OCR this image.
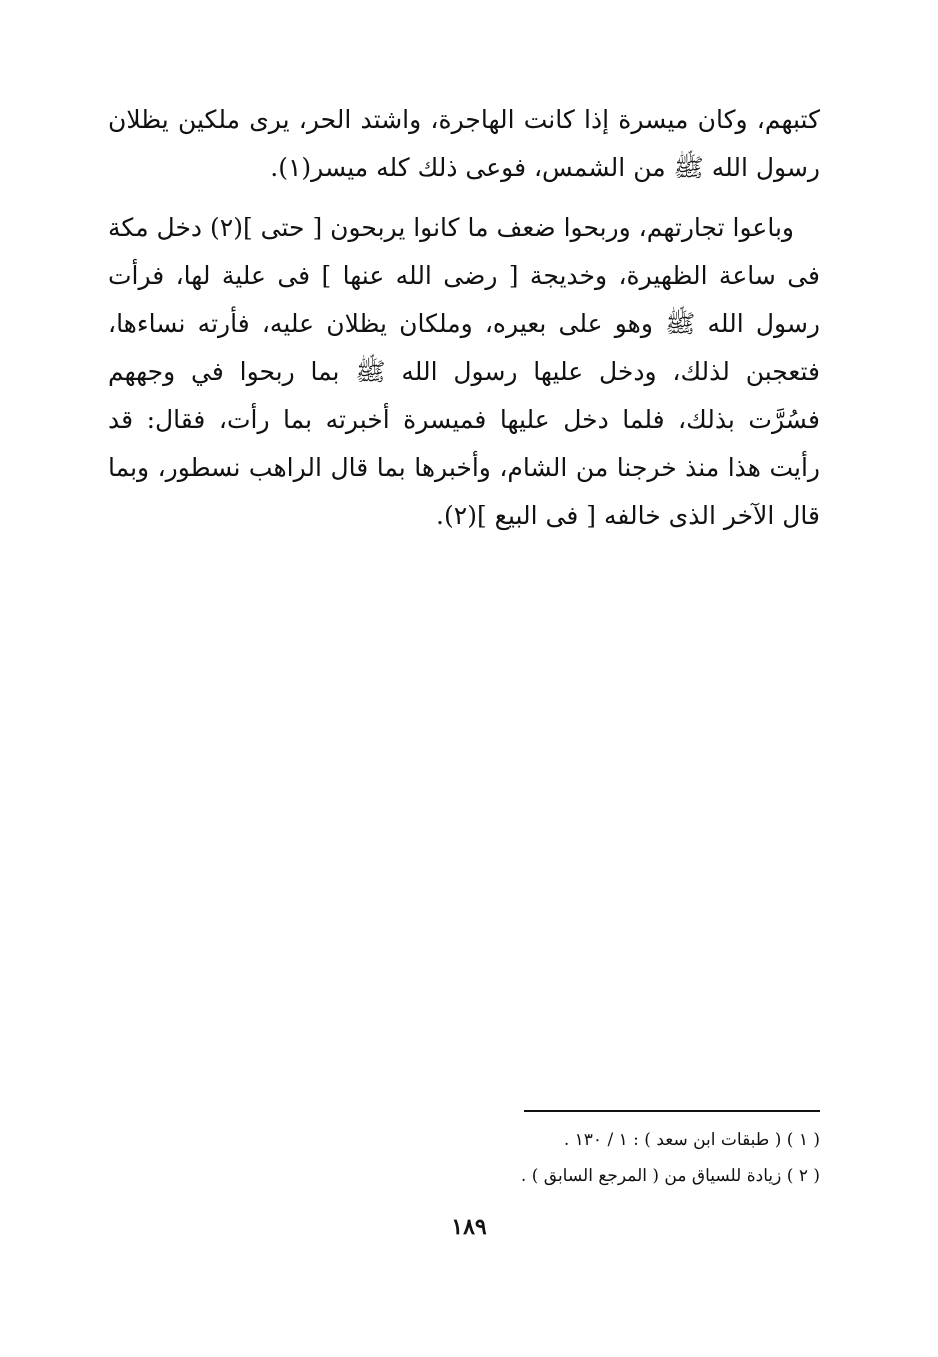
كتبهم، وكان ميسرة إذا كانت الهاجرة، واشتد الحر، يرى ملكين يظلان رسول الله ﷺ من الشمس، فوعى ذلك كله ميسر(١).

وباعوا تجارتهم، وربحوا ضعف ما كانوا يربحون [ حتى ](٢) دخل مكة فى ساعة الظهيرة، وخديجة [ رضى الله عنها ] فى علية لها، فرأت رسول الله ﷺ وهو على بعيره، وملكان يظلان عليه، فأرته نساءها، فتعجبن لذلك، ودخل عليها رسول الله ﷺ بما ربحوا في وجههم فسُرَّت بذلك، فلما دخل عليها فميسرة أخبرته بما رأت، فقال: قد رأيت هذا منذ خرجنا من الشام، وأخبرها بما قال الراهب نسطور، وبما قال الآخر الذى خالفه [ فى البيع ](٢).

( ١ ) ( طبقات ابن سعد ) : ١ / ١٣٠ .

( ٢ ) زيادة للسياق من ( المرجع السابق ) .

١٨٩
